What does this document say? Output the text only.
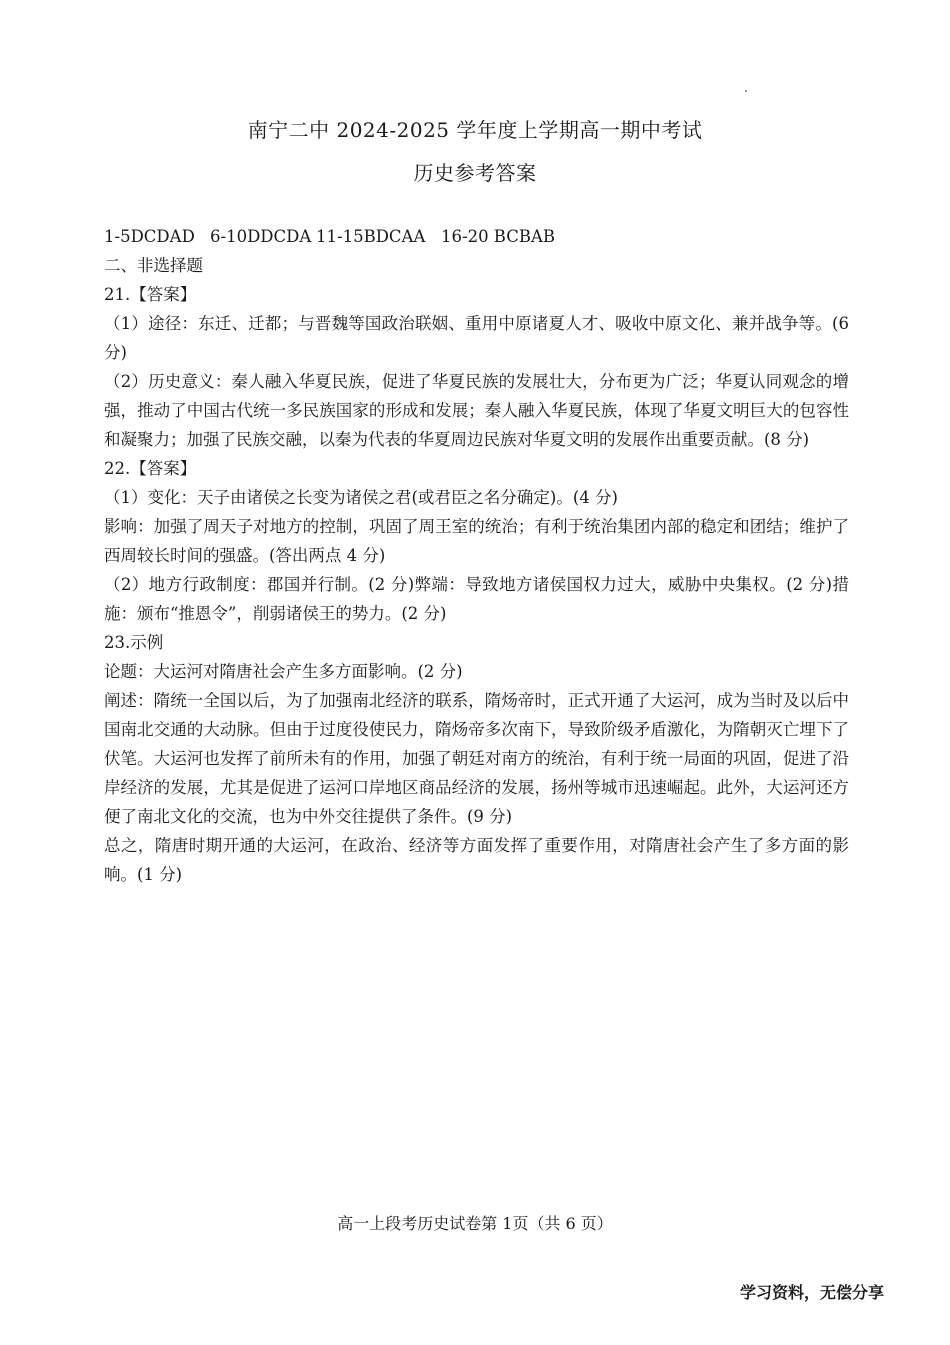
南宁二中 2024-2025 学年度上学期高一期中考试
历史参考答案

1-5DCDAD 6-10DDCDA 11-15BDCAA 16-20 BCBAB

二、非选择题

21.【答案】

（1）途径：东迁、迁都；与晋魏等国政治联姻、重用中原诸夏人才、吸收中原文化、兼并战争等。(6 分)

（2）历史意义：秦人融入华夏民族，促进了华夏民族的发展壮大，分布更为广泛；华夏认同观念的增强，推动了中国古代统一多民族国家的形成和发展；秦人融入华夏民族，体现了华夏文明巨大的包容性和凝聚力；加强了民族交融，以秦为代表的华夏周边民族对华夏文明的发展作出重要贡献。(8 分)

22.【答案】

（1）变化：天子由诸侯之长变为诸侯之君(或君臣之名分确定)。(4 分)

影响：加强了周天子对地方的控制，巩固了周王室的统治；有利于统治集团内部的稳定和团结；维护了西周较长时间的强盛。(答出两点 4 分)

（2）地方行政制度：郡国并行制。(2 分)弊端：导致地方诸侯国权力过大，威胁中央集权。(2 分)措施：颁布“推恩令”，削弱诸侯王的势力。(2 分)

23.示例

论题：大运河对隋唐社会产生多方面影响。(2 分)

阐述：隋统一全国以后，为了加强南北经济的联系，隋炀帝时，正式开通了大运河，成为当时及以后中国南北交通的大动脉。但由于过度役使民力，隋炀帝多次南下，导致阶级矛盾激化，为隋朝灭亡埋下了伏笔。大运河也发挥了前所未有的作用，加强了朝廷对南方的统治，有利于统一局面的巩固，促进了沿岸经济的发展，尤其是促进了运河口岸地区商品经济的发展，扬州等城市迅速崛起。此外，大运河还方便了南北文化的交流，也为中外交往提供了条件。(9 分)

总之，隋唐时期开通的大运河，在政治、经济等方面发挥了重要作用，对隋唐社会产生了多方面的影响。(1 分)

高一上段考历史试卷第 1页（共 6 页）
学习资料，无偿分享
